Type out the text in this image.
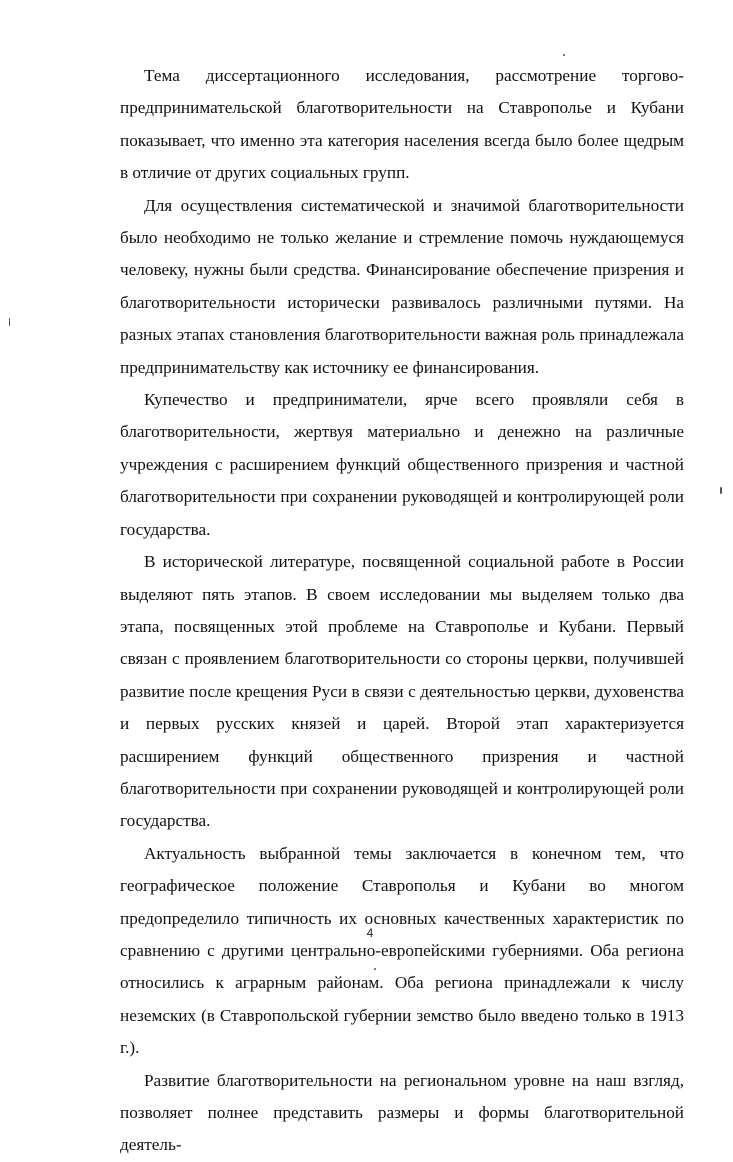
Тема диссертационного исследования, рассмотрение торгово-предпринимательской благотворительности на Ставрополье и Кубани показывает, что именно эта категория населения всегда было более щедрым в отличие от других социальных групп.

Для осуществления систематической и значимой благотворительности было необходимо не только желание и стремление помочь нуждающемуся человеку, нужны были средства. Финансирование обеспечение призрения и благотворительности исторически развивалось различными путями. На разных этапах становления благотворительности важная роль принадлежала предпринимательству как источнику ее финансирования.

Купечество и предприниматели, ярче всего проявляли себя в благотворительности, жертвуя материально и денежно на различные учреждения с расширением функций общественного призрения и частной благотворительности при сохранении руководящей и контролирующей роли государства.

В исторической литературе, посвященной социальной работе в России выделяют пять этапов. В своем исследовании мы выделяем только два этапа, посвященных этой проблеме на Ставрополье и Кубани. Первый связан с проявлением благотворительности со стороны церкви, получившей развитие после крещения Руси в связи с деятельностью церкви, духовенства и первых русских князей и царей. Второй этап характеризуется расширением функций общественного призрения и частной благотворительности при сохранении руководящей и контролирующей роли государства.

Актуальность выбранной темы заключается в конечном тем, что географическое положение Ставрополья и Кубани во многом предопределило типичность их основных качественных характеристик по сравнению с другими центрально-европейскими губерниями. Оба региона относились к аграрным районам. Оба региона принадлежали к числу неземских (в Ставропольской губернии земство было введено только в 1913 г.).

Развитие благотворительности на региональном уровне на наш взгляд, позволяет полнее представить размеры и формы благотворительной деятель-

4
